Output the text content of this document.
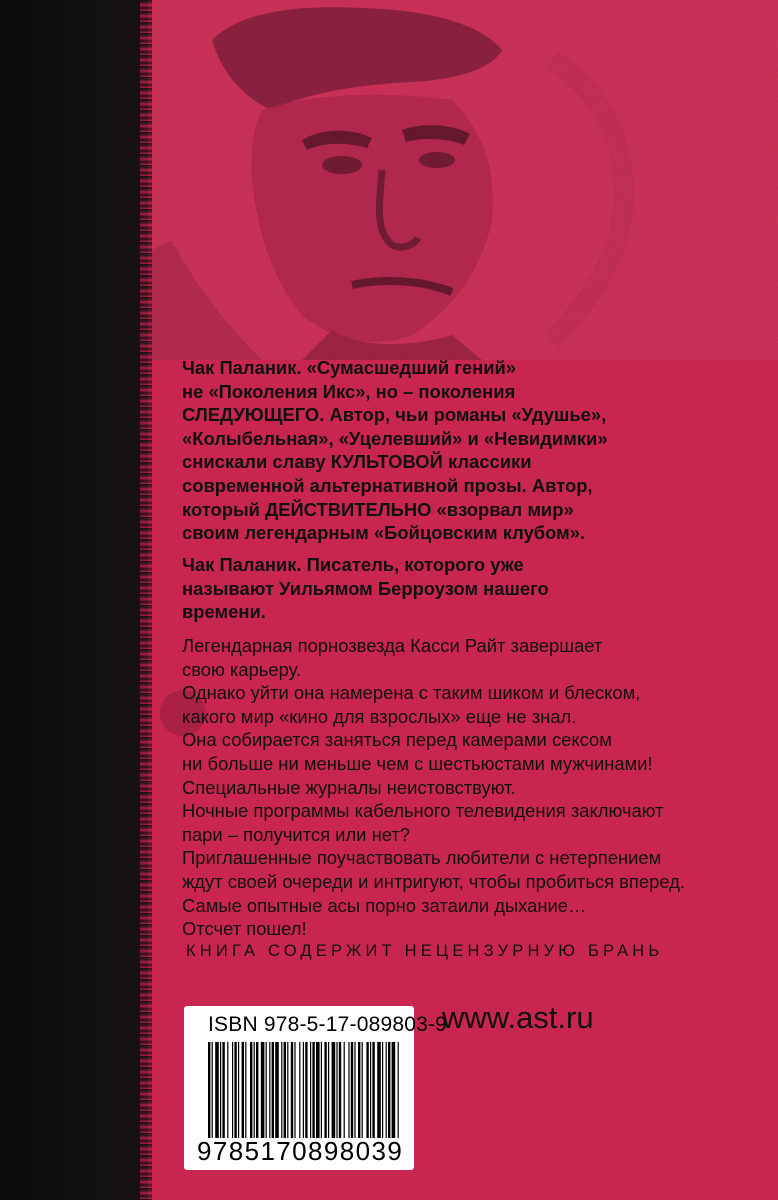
Чак Паланик. «Сумасшедший гений»

не «Поколения Икс», но – поколения

СЛЕДУЮЩЕГО. Автор, чьи романы «Удушье»,

«Колыбельная», «Уцелевший» и «Невидимки»

снискали славу КУЛЬТОВОЙ классики

современной альтернативной прозы. Автор,

который ДЕЙСТВИТЕЛЬНО «взорвал мир»

своим легендарным «Бойцовским клубом».

Чак Паланик. Писатель, которого уже

называют Уильямом Берроузом нашего

времени.

Легендарная порнозвезда Касси Райт завершает

свою карьеру.

Однако уйти она намерена с таким шиком и блеском,

какого мир «кино для взрослых» еще не знал.

Она собирается заняться перед камерами сексом

ни больше ни меньше чем с шестьюстами мужчинами!

Специальные журналы неистовствуют.

Ночные программы кабельного телевидения заключают

пари – получится или нет?

Приглашенные поучаствовать любители с нетерпением

ждут своей очереди и интригуют, чтобы пробиться вперед.

Самые опытные асы порно затаили дыхание…

Отсчет пошел!

КНИГА СОДЕРЖИТ НЕЦЕНЗУРНУЮ БРАНЬ
ISBN 978-5-17-089803-9
9785170898039
www.ast.ru
